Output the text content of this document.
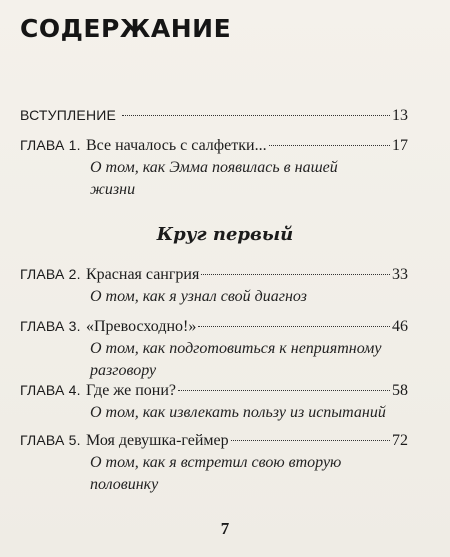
СОДЕРЖАНИЕ
ВСТУПЛЕНИЕ	13
ГЛАВА 1. Все началось с салфетки...	17
О том, как Эмма появилась в нашей
жизни
Круг первый
ГЛАВА 2. Красная сангрия	33
О том, как я узнал свой диагноз
ГЛАВА 3. «Превосходно!»	46
О том, как подготовиться к неприятному
разговору
ГЛАВА 4. Где же пони?	58
О том, как извлекать пользу из испытаний
ГЛАВА 5. Моя девушка-геймер	72
О том, как я встретил свою вторую
половинку
7
